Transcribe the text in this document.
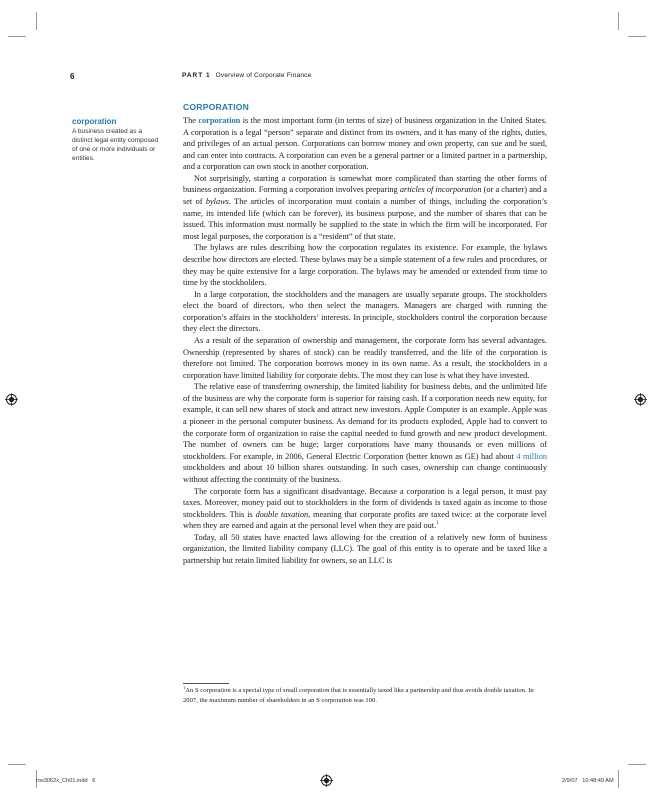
6	PART 1 Overview of Corporate Finance
corporation
A business created as a distinct legal entity composed of one or more individuals or entities.
CORPORATION

The corporation is the most important form (in terms of size) of business organization in the United States. A corporation is a legal “person” separate and distinct from its owners, and it has many of the rights, duties, and privileges of an actual person. Corporations can borrow money and own property, can sue and be sued, and can enter into contracts. A corporation can even be a general partner or a limited partner in a partnership, and a corporation can own stock in another corporation.

Not surprisingly, starting a corporation is somewhat more complicated than starting the other forms of business organization. Forming a corporation involves preparing articles of incorporation (or a charter) and a set of bylaws. The articles of incorporation must contain a number of things, including the corporation’s name, its intended life (which can be forever), its business purpose, and the number of shares that can be issued. This information must normally be supplied to the state in which the firm will be incorporated. For most legal purposes, the corporation is a “resident” of that state.

The bylaws are rules describing how the corporation regulates its existence. For example, the bylaws describe how directors are elected. These bylaws may be a simple statement of a few rules and procedures, or they may be quite extensive for a large corporation. The bylaws may be amended or extended from time to time by the stockholders.

In a large corporation, the stockholders and the managers are usually separate groups. The stockholders elect the board of directors, who then select the managers. Managers are charged with running the corporation’s affairs in the stockholders’ interests. In principle, stockholders control the corporation because they elect the directors.

As a result of the separation of ownership and management, the corporate form has several advantages. Ownership (represented by shares of stock) can be readily transferred, and the life of the corporation is therefore not limited. The corporation borrows money in its own name. As a result, the stockholders in a corporation have limited liability for corporate debts. The most they can lose is what they have invested.

The relative ease of transferring ownership, the limited liability for business debts, and the unlimited life of the business are why the corporate form is superior for raising cash. If a corporation needs new equity, for example, it can sell new shares of stock and attract new investors. Apple Computer is an example. Apple was a pioneer in the personal computer business. As demand for its products exploded, Apple had to convert to the corporate form of organization to raise the capital needed to fund growth and new product development. The number of owners can be huge; larger corporations have many thousands or even millions of stockholders. For example, in 2006, General Electric Corporation (better known as GE) had about 4 million stockholders and about 10 billion shares outstanding. In such cases, ownership can change continuously without affecting the continuity of the business.

The corporate form has a significant disadvantage. Because a corporation is a legal person, it must pay taxes. Moreover, money paid out to stockholders in the form of dividends is taxed again as income to those stockholders. This is double taxation, meaning that corporate profits are taxed twice: at the corporate level when they are earned and again at the personal level when they are paid out.$^1$

Today, all 50 states have enacted laws allowing for the creation of a relatively new form of business organization, the limited liability company (LLC). The goal of this entity is to operate and be taxed like a partnership but retain limited liability for owners, so an LLC is

$^1$An S corporation is a special type of small corporation that is essentially taxed like a partnership and thus avoids double taxation. In 2007, the maximum number of shareholders in an S corporation was 100.
ros3062x_Ch01.indd   6	2/9/07   10:48:49 AM
